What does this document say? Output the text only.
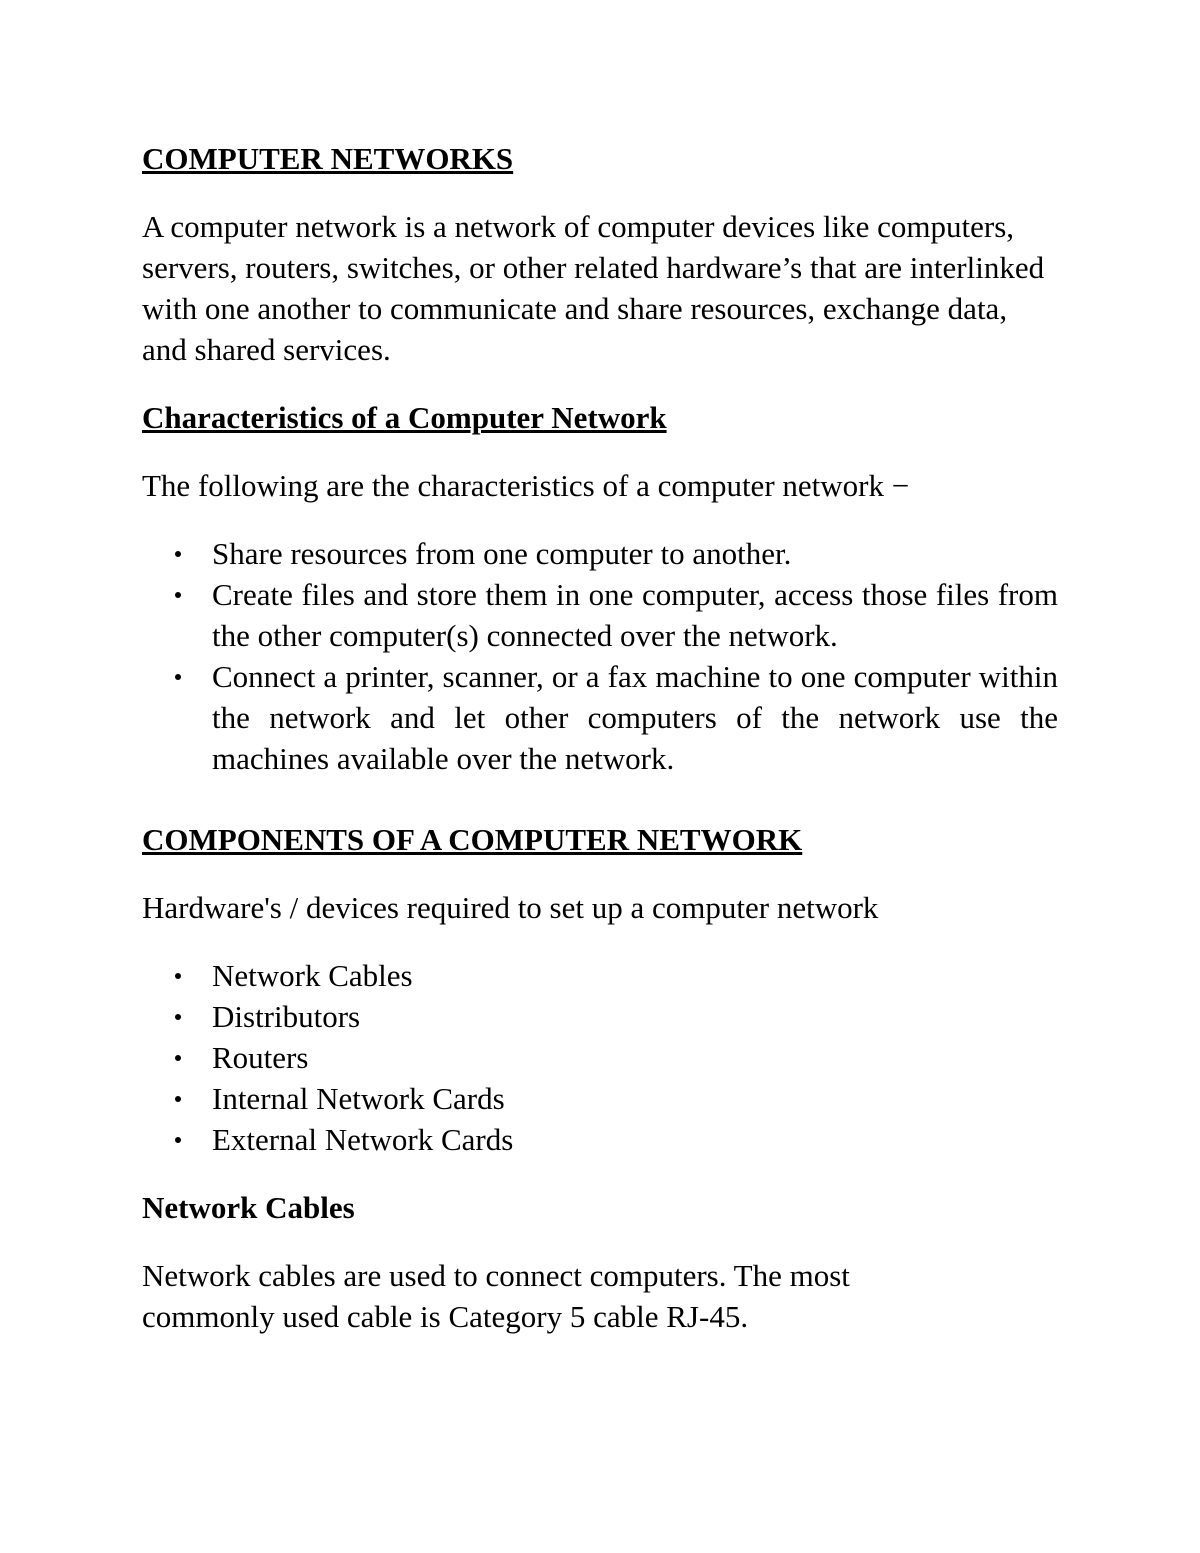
COMPUTER NETWORKS

A computer network is a network of computer devices like computers, servers, routers, switches, or other related hardware’s that are interlinked with one another to communicate and share resources, exchange data, and shared services.

Characteristics of a Computer Network

The following are the characteristics of a computer network −

Share resources from one computer to another.
Create files and store them in one computer, access those files from the other computer(s) connected over the network.
Connect a printer, scanner, or a fax machine to one computer within the network and let other computers of the network use the machines available over the network.
COMPONENTS OF A COMPUTER NETWORK

Hardware's / devices required to set up a computer network

Network Cables
Distributors
Routers
Internal Network Cards
External Network Cards
Network Cables

Network cables are used to connect computers. The most commonly used cable is Category 5 cable RJ-45.
